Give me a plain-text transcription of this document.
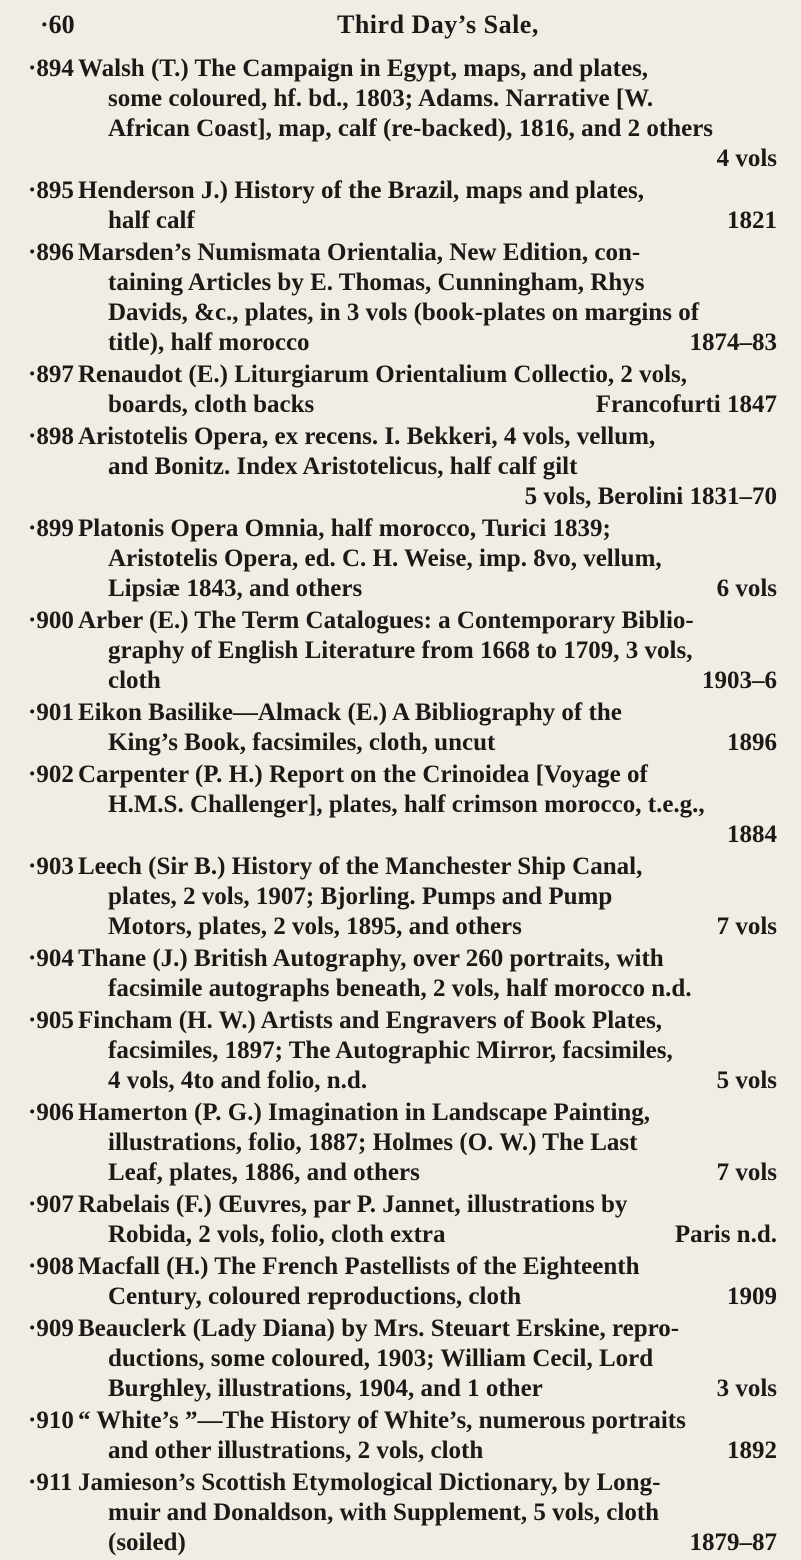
·60	Third Day’s Sale,
·894 Walsh (T.) The Campaign in Egypt, maps, and plates,
some coloured, hf. bd., 1803; Adams. Narrative [W.
African Coast], map, calf (re-backed), 1816, and 2 others
4 vols
·895 Henderson J.) History of the Brazil, maps and plates,
half calf	1821
·896 Marsden’s Numismata Orientalia, New Edition, con-
taining Articles by E. Thomas, Cunningham, Rhys
Davids, &c., plates, in 3 vols (book-plates on margins of
title), half morocco	1874–83
·897 Renaudot (E.) Liturgiarum Orientalium Collectio, 2 vols,
boards, cloth backs	Francofurti 1847
·898 Aristotelis Opera, ex recens. I. Bekkeri, 4 vols, vellum,
and Bonitz. Index Aristotelicus, half calf gilt
5 vols, Berolini 1831–70
·899 Platonis Opera Omnia, half morocco, Turici 1839;
Aristotelis Opera, ed. C. H. Weise, imp. 8vo, vellum,
Lipsiæ 1843, and others	6 vols
·900 Arber (E.) The Term Catalogues: a Contemporary Biblio-
graphy of English Literature from 1668 to 1709, 3 vols,
cloth	1903–6
·901 Eikon Basilike—Almack (E.) A Bibliography of the
King’s Book, facsimiles, cloth, uncut	1896
·902 Carpenter (P. H.) Report on the Crinoidea [Voyage of
H.M.S. Challenger], plates, half crimson morocco, t.e.g.,
1884
·903 Leech (Sir B.) History of the Manchester Ship Canal,
plates, 2 vols, 1907; Bjorling. Pumps and Pump
Motors, plates, 2 vols, 1895, and others	7 vols
·904 Thane (J.) British Autography, over 260 portraits, with
facsimile autographs beneath, 2 vols, half morocco n.d.
·905 Fincham (H. W.) Artists and Engravers of Book Plates,
facsimiles, 1897; The Autographic Mirror, facsimiles,
4 vols, 4to and folio, n.d.	5 vols
·906 Hamerton (P. G.) Imagination in Landscape Painting,
illustrations, folio, 1887; Holmes (O. W.) The Last
Leaf, plates, 1886, and others	7 vols
·907 Rabelais (F.) Œuvres, par P. Jannet, illustrations by
Robida, 2 vols, folio, cloth extra	Paris n.d.
·908 Macfall (H.) The French Pastellists of the Eighteenth
Century, coloured reproductions, cloth	1909
·909 Beauclerk (Lady Diana) by Mrs. Steuart Erskine, repro-
ductions, some coloured, 1903; William Cecil, Lord
Burghley, illustrations, 1904, and 1 other	3 vols
·910 “ White’s ”—The History of White’s, numerous portraits
and other illustrations, 2 vols, cloth	1892
·911 Jamieson’s Scottish Etymological Dictionary, by Long-
muir and Donaldson, with Supplement, 5 vols, cloth
(soiled)	1879–87
